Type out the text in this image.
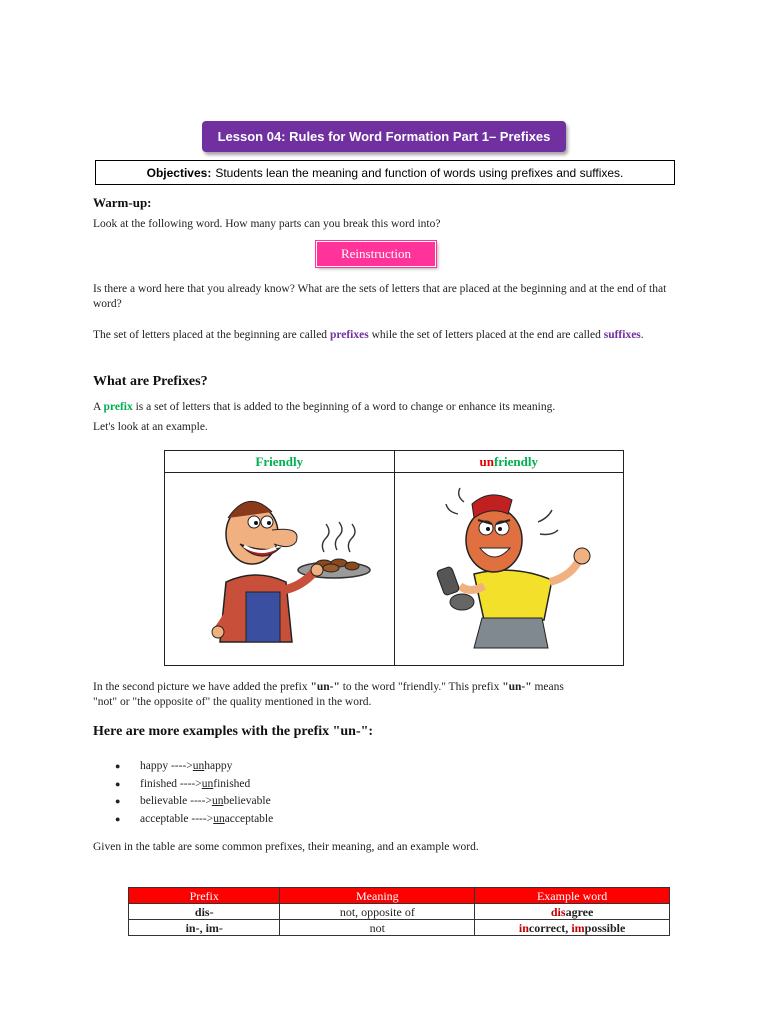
Lesson 04: Rules for Word Formation Part 1– Prefixes
Objectives: Students lean the meaning and function of words using prefixes and suffixes.
Warm-up:
Look at the following word. How many parts can you break this word into?
Reinstruction
Is there a word here that you already know? What are the sets of letters that are placed at the beginning and at the end of that word?
The set of letters placed at the beginning are called prefixes while the set of letters placed at the end are called suffixes.
What are Prefixes?
A prefix is a set of letters that is added to the beginning of a word to change or enhance its meaning.
Let's look at an example.
Friendly	unfriendly

In the second picture we have added the prefix "un-" to the word "friendly." This prefix "un-" means
"not" or "the opposite of" the quality mentioned in the word.
Here are more examples with the prefix "un-":
●	happy ----> un happy
●	finished ----> un finished
●	believable ----> un believable
●	acceptable ----> un acceptable
Given in the table are some common prefixes, their meaning, and an example word.
Prefix	Meaning	Example word
dis-	not, opposite of	disagree
in-, im-	not	incorrect, impossible
